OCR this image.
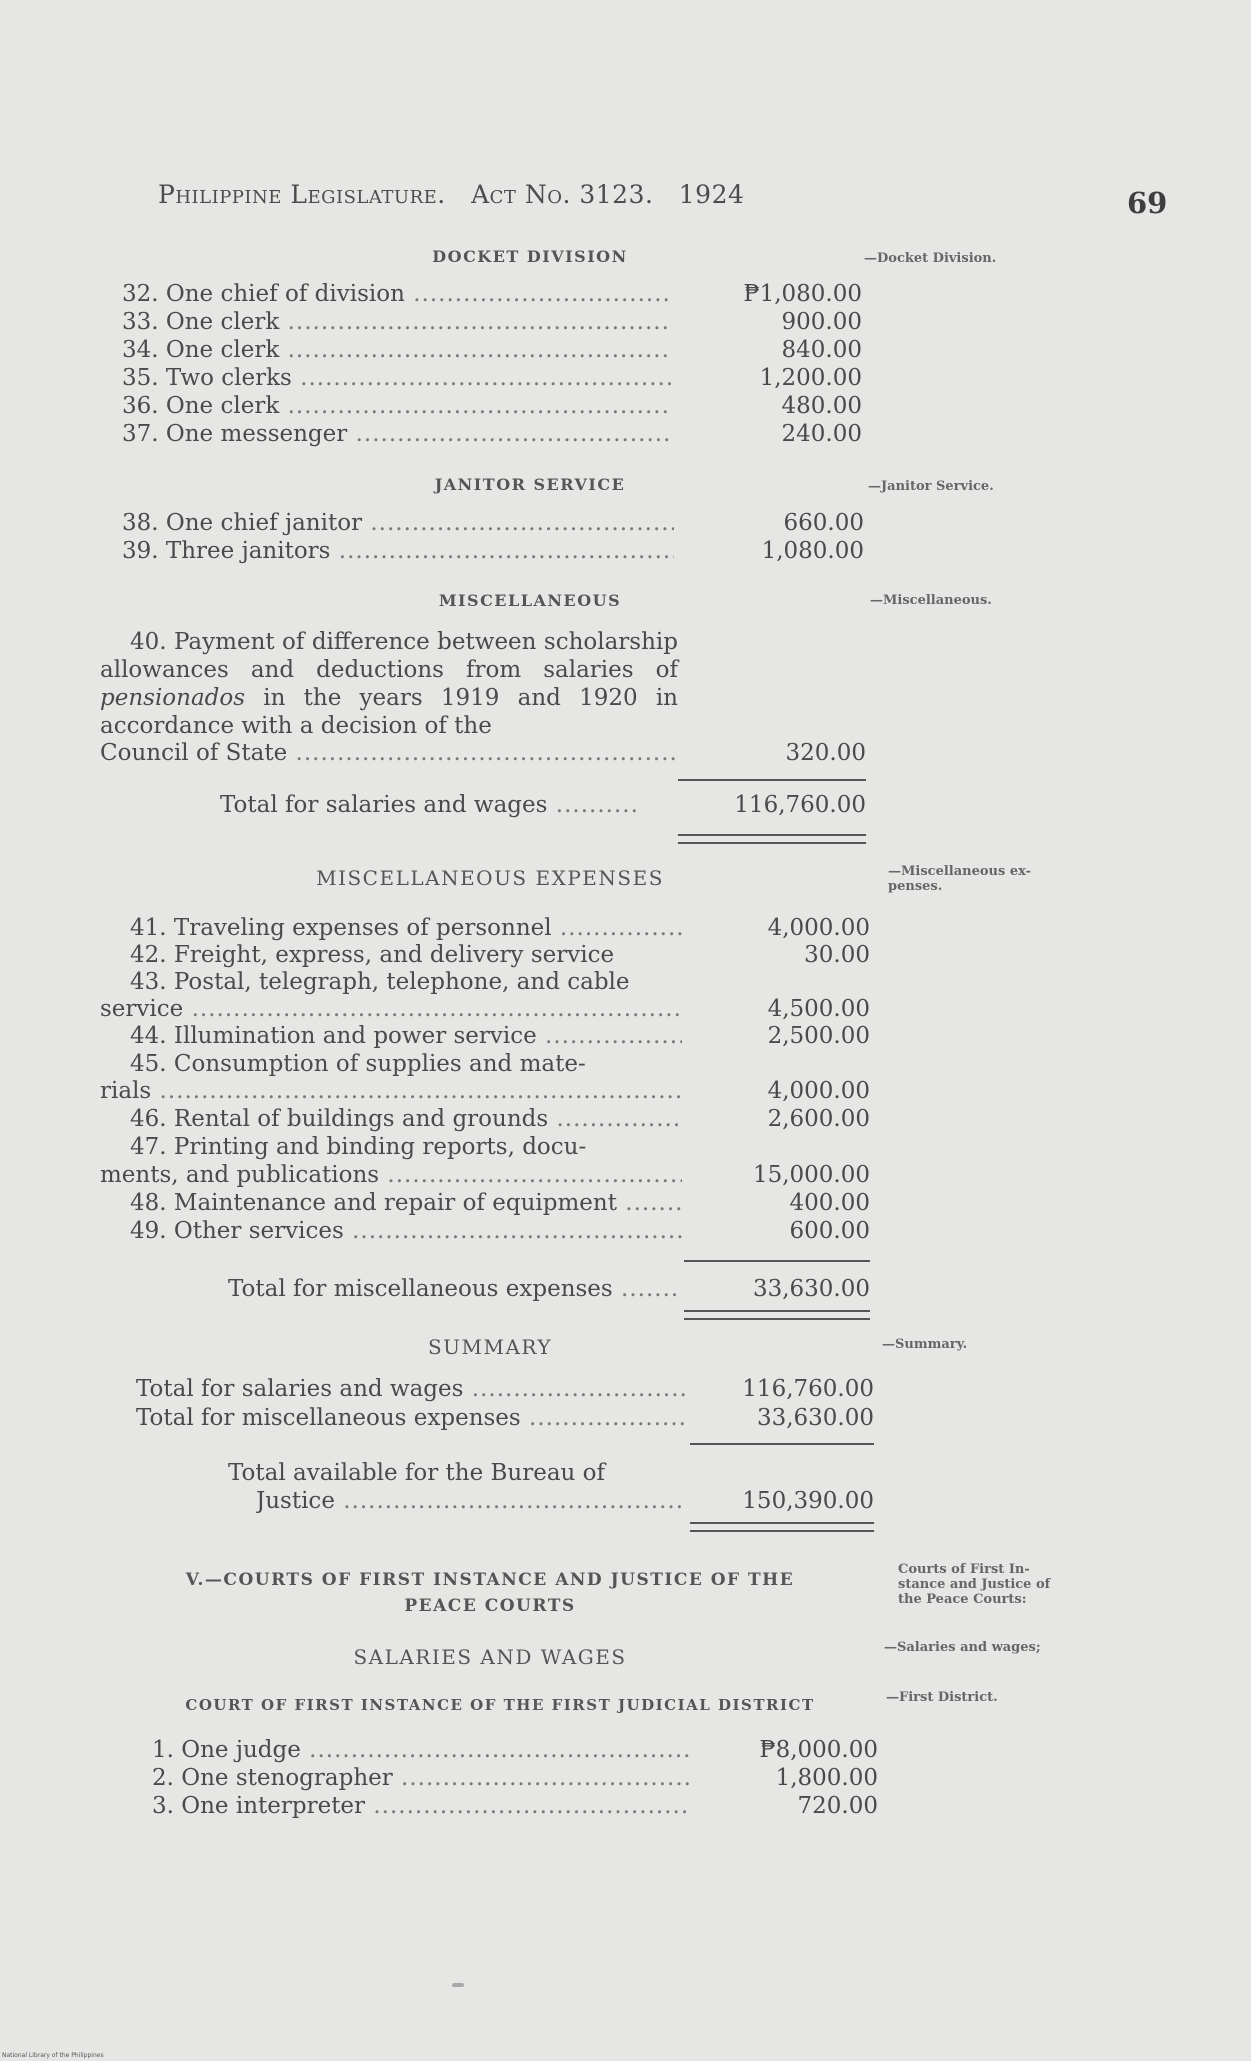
Philippine Legislature. Act No. 3123. 1924	69
DOCKET DIVISION	—Docket Division.
32. One chief of division .....	₱1,080.00
33. One clerk .....	900.00
34. One clerk .....	840.00
35. Two clerks .....	1,200.00
36. One clerk .....	480.00
37. One messenger .....	240.00
JANITOR SERVICE	—Janitor Service.
38. One chief janitor .....	660.00
39. Three janitors .....	1,080.00
MISCELLANEOUS	—Miscellaneous.
40. Payment of difference between scholarship allowances and deductions from salaries of pensionados in the years 1919 and 1920 in accordance with a decision of the
Council of State .....	320.00
Total for salaries and wages .....	116,760.00
MISCELLANEOUS EXPENSES	—Miscellaneous ex-
penses.
41. Traveling expenses of personnel .....	4,000.00
42. Freight, express, and delivery service	30.00
43. Postal, telegraph, telephone, and cable
service .....	4,500.00
44. Illumination and power service .....	2,500.00
45. Consumption of supplies and mate-
rials .....	4,000.00
46. Rental of buildings and grounds .....	2,600.00
47. Printing and binding reports, docu-
ments, and publications .....	15,000.00
48. Maintenance and repair of equipment .....	400.00
49. Other services .....	600.00
Total for miscellaneous expenses .....	33,630.00
SUMMARY	—Summary.
Total for salaries and wages .....	116,760.00
Total for miscellaneous expenses .....	33,630.00
Total available for the Bureau of
Justice .....	150,390.00
V.—COURTS OF FIRST INSTANCE AND JUSTICE OF THE
PEACE COURTS
Courts of First In-
stance and Justice of
the Peace Courts:
SALARIES AND WAGES	—Salaries and wages;
COURT OF FIRST INSTANCE OF THE FIRST JUDICIAL DISTRICT	—First District.
1. One judge .....	₱8,000.00
2. One stenographer .....	1,800.00
3. One interpreter .....	720.00
National Library of the Philippines
